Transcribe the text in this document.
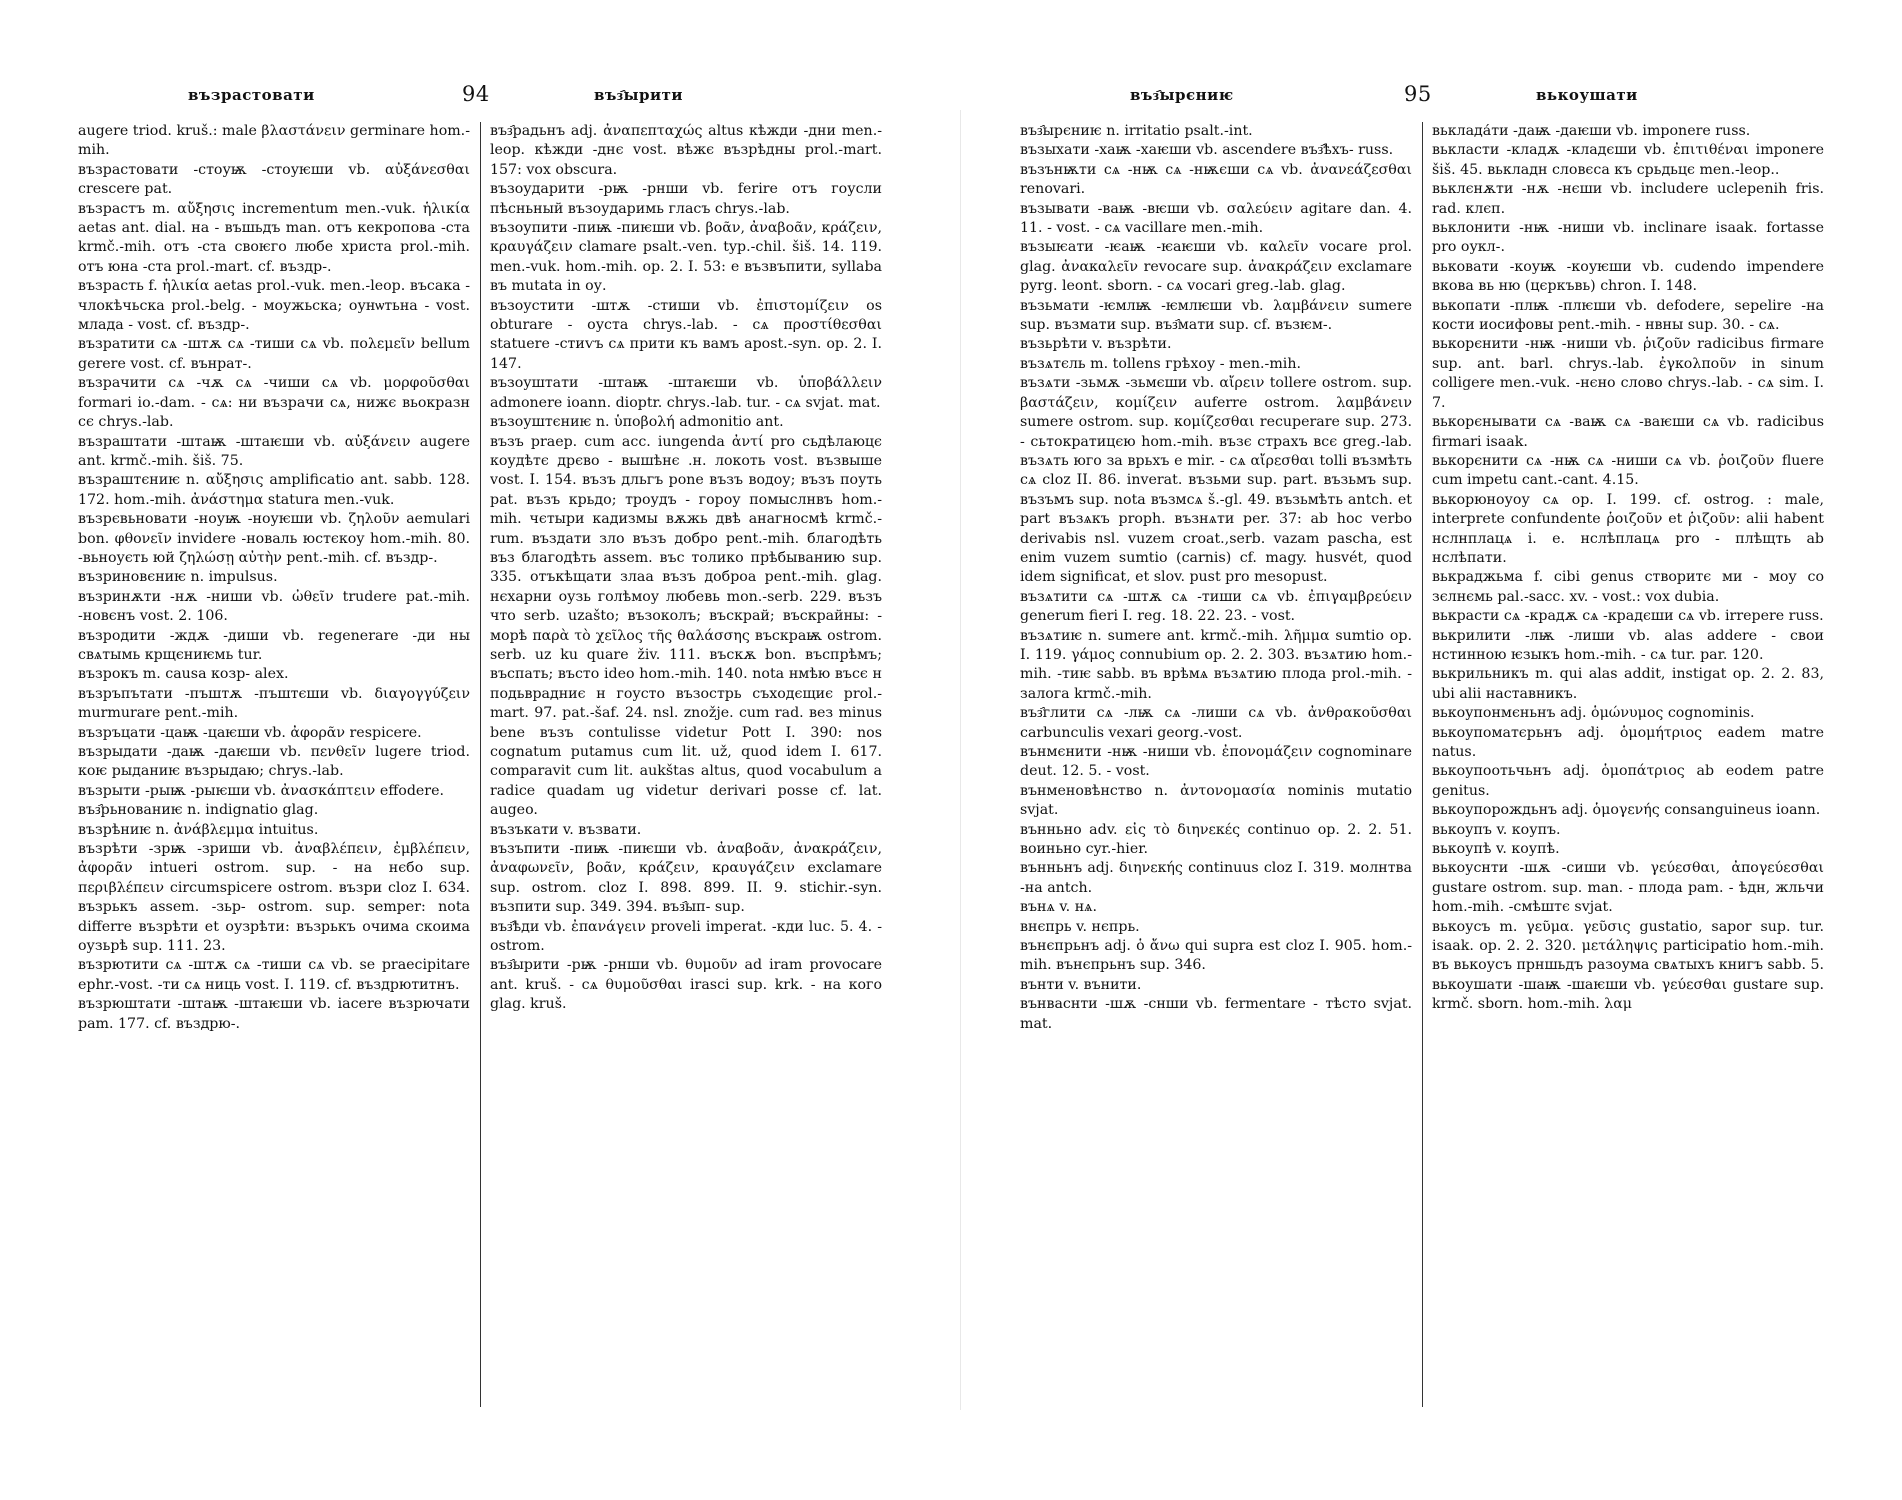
възрастовати	94	въз҄ырити

augere triod. kruš.: male βλαστάνειν germinare hom.-mih.

възрастовати -стоуѭ -стоуѥши vb. αὐξάνεσθαι crescere pat.

възрастъ m. αὔξησις incrementum men.-vuk. ἡλικία aetas ant. dial. на - въшьдъ man. отъ кекропова -ста krmč.-mih. отъ -ста своѥго любе христа prol.-mih. отъ юна -ста prol.-mart. cf. въздр-.

възрасть f. ἡλικία aetas prol.-vuk. men.-leop. въсака - члокѣчьска prol.-belg. - моужьска; оунѡтьна - vost. млада - vost. cf. въздр-.

възратити сѧ -штѫ сѧ -тиши сѧ vb. πολεμεῖν bellum gerere vost. cf. вънрат-.

възрачити сѧ -чѫ сѧ -чиши сѧ vb. μορφοῦσθαι formari io.-dam. - сѧ: ни възрачи сѧ, нижє вьокразн сє chrys.-lab.

възраштати -штаѭ -штаѥши vb. αὐξάνειν augere ant. krmč.-mih. šiš. 75.

възраштєниѥ n. αὔξησις amplificatio ant. sabb. 128. 172. hom.-mih. ἀνάστημα statura men.-vuk.

възрєвьновати -ноуѭ -ноуѥши vb. ζηλοῦν aemulari bon. φθονεῖν invidere -новаль юстєкоу hom.-mih. 80. -вьноуєть юй ζηλώσῃ αὐτὴν pent.-mih. cf. въздр-.

възриновєниѥ n. impulsus.

възринѫти -нѫ -ниши vb. ὠθεῖν trudere pat.-mih. -новєнъ vost. 2. 106.

възродити -ждѫ -диши vb. regenerare -ди ны свѧтымь крщєниѥмь tur.

възрокъ m. causa козр- alex.

възръпътати -пъштѫ -пъштєши vb. διαγογγύζειν murmurare pent.-mih.

възръцати -цаѭ -цаѥши vb. ἀφορᾶν respicere.

възрыдати -даѭ -даѥши vb. πενθεῖν lugere triod. коѥ рыданиѥ възрыдаю; chrys.-lab.

възрыти -рыѭ -рыѥши vb. ἀνασκάπτειν effodere.

въз҄рьновaниѥ n. indignatio glag.

възрѣниѥ n. ἀνάβλεμμα intuitus.

възрѣти -зрѭ -зриши vb. ἀναβλέπειν, ἐμβλέπειν, ἀφορᾶν intueri ostrom. sup. - на нєбо sup. περιβλέπειν circumspicere ostrom. възри cloz I. 634. възрькъ assem. -зьр- ostrom. sup. semper: nota differre възрѣти et оузрѣти: възрькъ очима скоима оузьрѣ sup. 111. 23.

възрютити сѧ -штѫ сѧ -тиши сѧ vb. se praecipitare ephr.-vost. -ти сѧ ниць vost. I. 119. cf. въздрютитнъ.

възрюштати -штаѭ -штаѥши vb. iacere възрючати pam. 177. cf. въздрю-.

въз҄радьнъ adj. ἀναπεπταχώς altus кѣжди -дни men.-leop. кѣжди -днє vost. вѣжє възрѣдны prol.-mart. 157: vox obscura.

възоударити -рѭ -рнши vb. ferire отъ гоусли пѣсньный възоударимь гласъ chrys.-lab.

възоупити -пиѭ -пиѥши vb. βοᾶν, ἀναβοᾶν, κράζειν, κραυγάζειν clamare psalt.-ven. typ.-chil. šiš. 14. 119. men.-vuk. hom.-mih. op. 2. I. 53: е възвъпити, syllaba въ mutata in оу.

възоустити -штѫ -стиши vb. ἐπιστομίζειν os obturare - оуста chrys.-lab. - сѧ προστίθεσθαι statuere -стиѵъ сѧ прити къ вамъ apost.-syn. op. 2. I. 147.

възоуштати -штаѭ -штаѥши vb. ὑποβάλλειν admonere ioann. dioptr. chrys.-lab. tur. - сѧ svjat. mat.

възоуштєниѥ n. ὑποβολή admonitio ant.

възъ praep. cum acc. iungenda ἀντί pro сьдѣлаюцє коудѣтє дрєво - вышѣнє .н. локоть vost. възвыше vost. I. 154. възъ дльгъ pone възъ водоу; възъ поуть pat. възъ крьдо; троудъ - гороу помыслнвъ hom.-mih. чєтыри кадизмы вѫжь двѣ анагносмѣ krmč.-rum. въздати зло възъ добро pent.-mih. благодѣть въз благодѣть assem. въс толико прѣбыванию sup. 335. отъкѣщати злаа възъ доброа pent.-mih. glag. нєхарни оузь голѣмоу любевь mon.-serb. 229. възъ что serb. uzašto; възоколъ; въскрай; въскрайны: - морѣ παρὰ τὸ χεῖλος τῆς θαλάσσης въскраѭ ostrom. serb. uz ku quare živ. 111. въскѫ bon. въспрѣмъ; въспать; въсто ideo hom.-mih. 140. nota нмѣю въсє н подьврадниє н гоусто възострь съходєщиє prol.-mart. 97. pat.-šaf. 24. nsl. znožje. cum rad. вез minus bene възъ contulisse videtur Pott I. 390: nos cognatum putamus cum lit. už, quod idem I. 617. comparavit cum lit. aukštas altus, quod vocabulum a radice quadam ug videtur derivari posse cf. lat. augeo.

възъкати v. възвати.

възъпити -пиѭ -пиѥши vb. ἀναβοᾶν, ἀνακράζειν, ἀναφωνεῖν, βοᾶν, κράζειν, κραυγάζειν exclamare sup. ostrom. cloz I. 898. 899. II. 9. stichir.-syn. възпити sup. 349. 394. въз҄ып- sup.

въз҄ѣди vb. ἐπανάγειν proveli imperat. -кди luc. 5. 4. - ostrom.

въз҄ырити -рѭ -рнши vb. θυμοῦν ad iram provocare ant. kruš. - сѧ θυμοῦσθαι irasci sup. krk. - на кого glag. kruš.

въз҄ырєниѥ	95	вькоушати

въз҄ырєниѥ n. irritatio psalt.-int.

възыхати -хаѭ -хаѥши vb. ascendere въз҄ѣхъ- russ.

възънѭти сѧ -нѭ сѧ -нѭєши сѧ vb. ἀνανεάζεσθαι renovari.

възывати -ваѭ -вѥши vb. σαλεύειν agitare dan. 4. 11. - vost. - сѧ vacillare men.-mih.

възыѥати -ѥаѭ -ѥаѥши vb. καλεῖν vocare prol. glag. ἀνακαλεῖν revocare sup. ἀνακράζειν exclamare pyrg. leont. sborn. - сѧ vocari greg.-lab. glag.

възьмати -ѥмлѭ -ѥмлѥши vb. λαμβάνειν sumere sup. възмати sup. въз҄мати sup. cf. възѥм-.

възьрѣти v. възрѣти.

възѧтєль m. tollens грѣхоу - men.-mih.

възѧти -зьмѫ -зьмєши vb. αἴρειν tollere ostrom. sup. βαστάζειν, κομίζειν auferre ostrom. λαμβάνειν sumere ostrom. sup. κομίζεσθαι recuperare sup. 273. - сьтократицєю hom.-mih. възє страхъ всє greg.-lab. възѧть юго за врьхъ e mir. - сѧ αἴρεσθαι tolli възмѣть сѧ cloz II. 86. inverat. възьми sup. part. възьмъ sup. възъмъ sup. nota възмсѧ š.-gl. 49. възьмѣть antch. et part възѧкъ proph. възнѧти per. 37: ab hoc verbo derivabis nsl. vuzem croat.,serb. vazam pascha, est enim vuzem sumtio (carnis) cf. magy. husvét, quod idem significat, et slov. pust pro mesopust.

възѧтити сѧ -штѫ сѧ -тиши сѧ vb. ἐπιγαμβρεύειν generum fieri I. reg. 18. 22. 23. - vost.

възѧтиѥ n. sumere ant. krmč.-mih. λῆμμα sumtio op. I. 119. γάμος connubium op. 2. 2. 303. възѧтию hom.-mih. -тиѥ sabb. въ врѣмѧ възѧтию плода prol.-mih. - залога krmč.-mih.

въз҄глити сѧ -лѭ сѧ -лиши сѧ vb. ἀνθρακοῦσθαι carbunculis vexari georg.-vost.

вънмєнити -нѭ -ниши vb. ἐπονομάζειν cognominare deut. 12. 5. - vost.

вънменовѣнство n. ἀντονομασία nominis mutatio svjat.

вънньно adv. εἰς τὸ διηνεκές continuo op. 2. 2. 51. воиньно cyr.-hier.

вънньнъ adj. διηνεκής continuus cloz I. 319. молнтва -на antch.

вънѧ v. нѧ.

внєпрь v. нєпрь.

вънєпрьнъ adj. ὁ ἄνω qui supra est cloz I. 905. hom.-mih. вънєпрьнъ sup. 346.

вънти v. вънити.

вънваснти -шѫ -снши vb. fermentare - тѣсто svjat. mat.

вьклада́ти -даѭ -даѥши vb. imponere russ.

вькласти -кладѫ -кладєши vb. ἐπιτιθέναι imponere šiš. 45. вькладн словєса къ срьдьцє men.-leop..

вьклєнѫти -нѫ -нєши vb. includere uclepenih fris. rad. клєп.

вьклонити -нѭ -ниши vb. inclinare isaak. fortasse pro оукл-.

вьковати -коуѭ -коуѥши vb. cudendo impendere вкова вь ню (цєркъвь) chron. I. 148.

вькопати -плѭ -плѥши vb. defodere, sepelire -на кости иосифовы pent.-mih. - нвны sup. 30. - сѧ.

вькорєнити -нѭ -ниши vb. ῥιζοῦν radicibus firmare sup. ant. barl. chrys.-lab. ἐγκολποῦν in sinum colligere men.-vuk. -нєно слово chrys.-lab. - сѧ sim. I. 7.

вькорєнывати сѧ -ваѭ сѧ -ваѥши сѧ vb. radicibus firmari isaak.

вькорєнити сѧ -нѭ сѧ -ниши сѧ vb. ῥοιζοῦν fluere cum impetu cant.-cant. 4.15.

вькорюноуоу сѧ op. I. 199. cf. ostrog. : male, interprete confundente ῥοιζοῦν et ῥιζοῦν: alii habent нслнплацѧ i. e. нслѣплацѧ pro - плѣщть ab нслѣпати.

вькраджьма f. cibi genus створитє ми - моу со зєлнємь pal.-sacc. xv. - vost.: vox dubia.

вькрасти сѧ -крадѫ сѧ -крадєши сѧ vb. irrepere russ.

вькрилити -лѭ -лиши vb. alas addere - свои нстинною ѥзыкъ hom.-mih. - сѧ tur. par. 120.

вькрильникъ m. qui alas addit, instigat op. 2. 2. 83, ubi alii наставникъ.

вькоупонмєньнъ adj. ὁμώνυμος cognominis.

вькоупоматєрьнъ adj. ὁμομήτριος eadem matre natus.

вькоупоотьчьнъ adj. ὁμοπάτριος ab eodem patre genitus.

вькоупорождьнъ adj. ὁμογενής consanguineus ioann.

вькоупъ v. коупъ.

вькоупѣ v. коупѣ.

вькоуснти -шѫ -сиши vb. γεύεσθαι, ἀπογεύεσθαι gustare ostrom. sup. man. - плода pam. - ѣдн, жльчи hom.-mih. -смѣштє svjat.

вькоусъ m. γεῦμα. γεῦσις gustatio, sapor sup. tur. isaak. op. 2. 2. 320. μετάληψις participatio hom.-mih. въ вькоусъ прншьдъ разоума свѧтыхъ книгъ sabb. 5.

вькоушати -шаѭ -шаѥши vb. γεύεσθαι gustare sup. krmč. sborn. hom.-mih. λαμ
